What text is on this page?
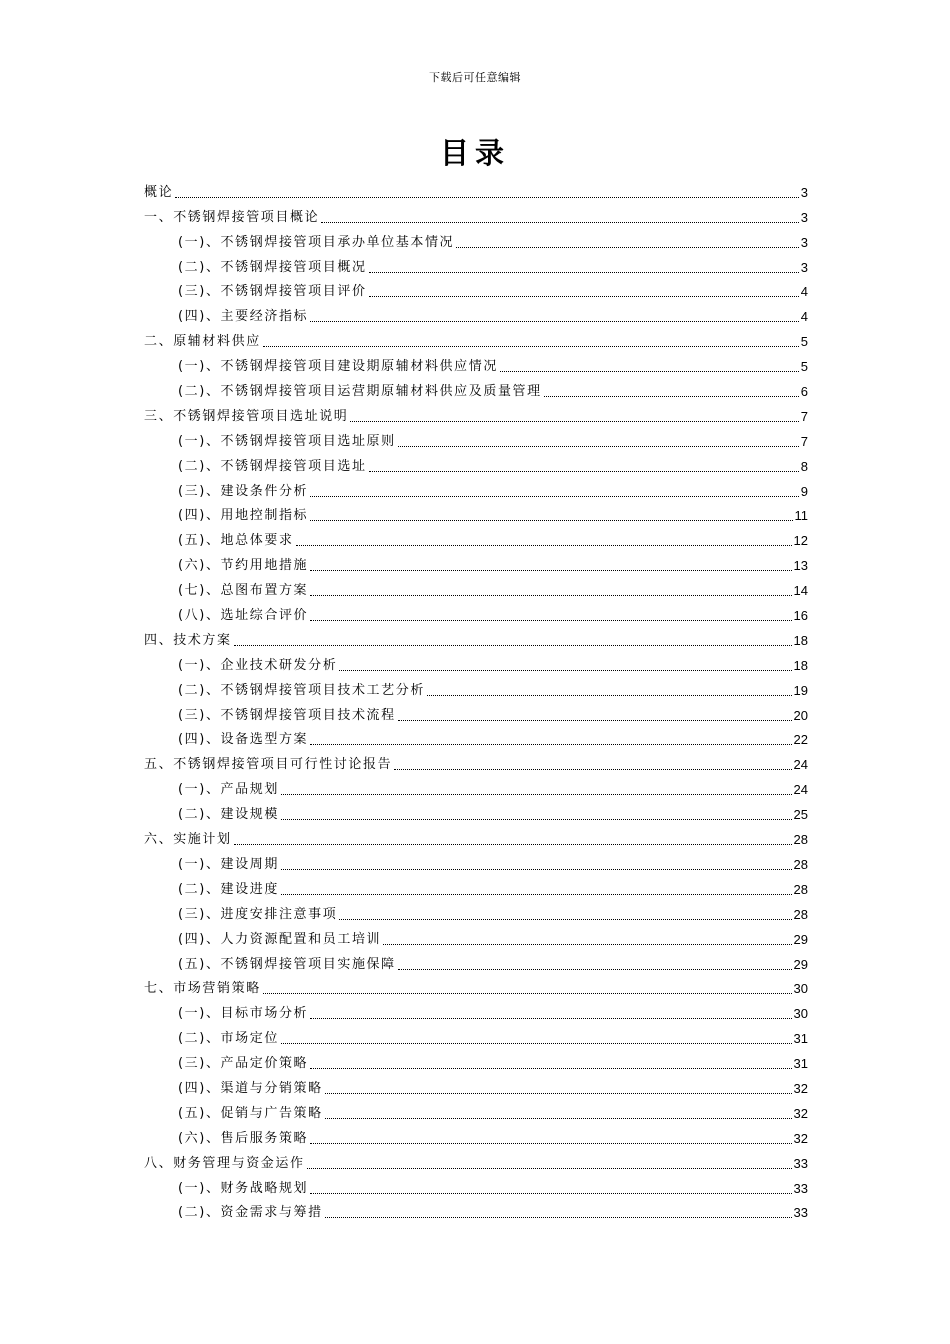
下载后可任意编辑
目录
概论	3
一、不锈钢焊接管项目概论	3
(一)、不锈钢焊接管项目承办单位基本情况	3
(二)、不锈钢焊接管项目概况	3
(三)、不锈钢焊接管项目评价	4
(四)、主要经济指标	4
二、原辅材料供应	5
(一)、不锈钢焊接管项目建设期原辅材料供应情况	5
(二)、不锈钢焊接管项目运营期原辅材料供应及质量管理	6
三、不锈钢焊接管项目选址说明	7
(一)、不锈钢焊接管项目选址原则	7
(二)、不锈钢焊接管项目选址	8
(三)、建设条件分析	9
(四)、用地控制指标	11
(五)、地总体要求	12
(六)、节约用地措施	13
(七)、总图布置方案	14
(八)、选址综合评价	16
四、技术方案	18
(一)、企业技术研发分析	18
(二)、不锈钢焊接管项目技术工艺分析	19
(三)、不锈钢焊接管项目技术流程	20
(四)、设备选型方案	22
五、不锈钢焊接管项目可行性讨论报告	24
(一)、产品规划	24
(二)、建设规模	25
六、实施计划	28
(一)、建设周期	28
(二)、建设进度	28
(三)、进度安排注意事项	28
(四)、人力资源配置和员工培训	29
(五)、不锈钢焊接管项目实施保障	29
七、市场营销策略	30
(一)、目标市场分析	30
(二)、市场定位	31
(三)、产品定价策略	31
(四)、渠道与分销策略	32
(五)、促销与广告策略	32
(六)、售后服务策略	32
八、财务管理与资金运作	33
(一)、财务战略规划	33
(二)、资金需求与筹措	33
